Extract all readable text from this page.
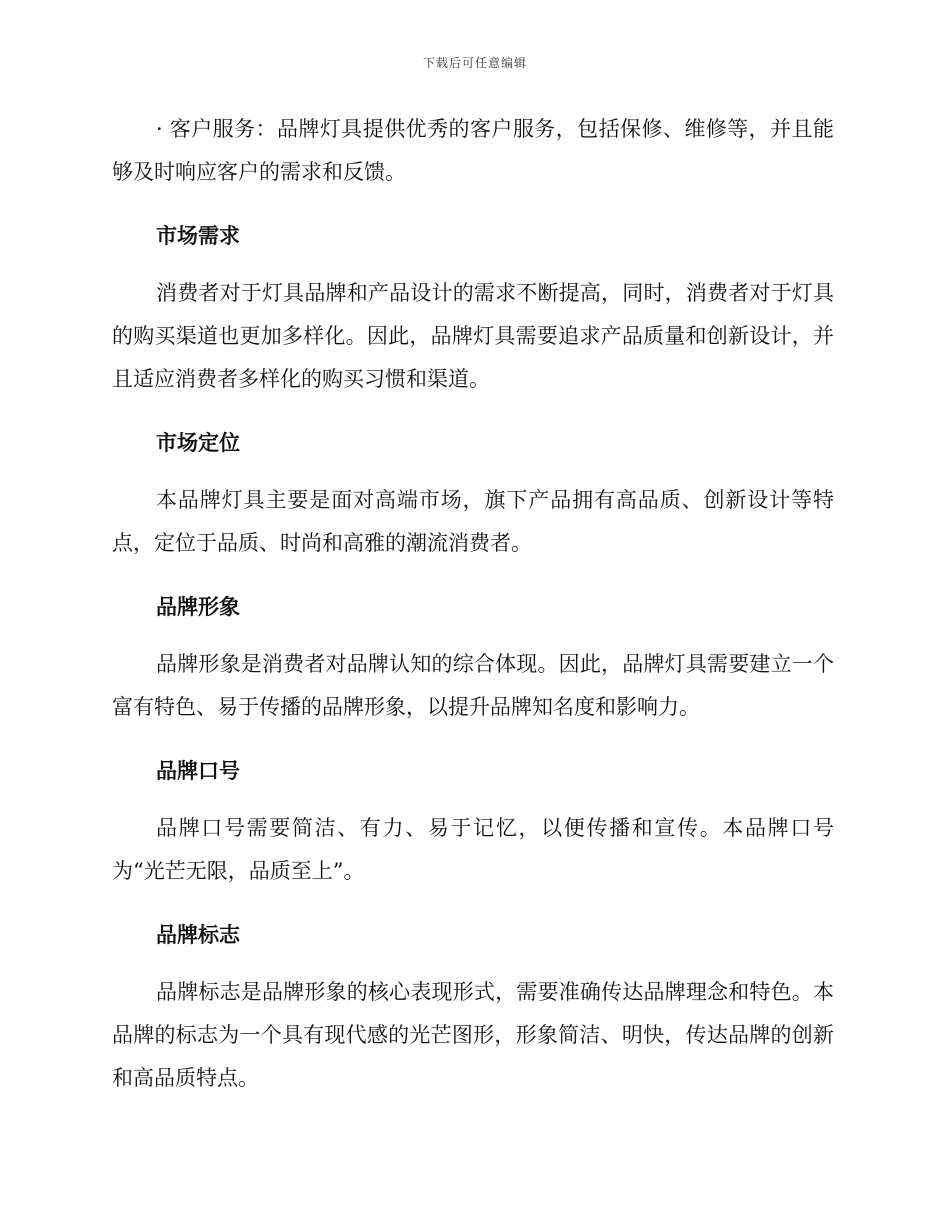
下载后可任意编辑

· 客户服务：品牌灯具提供优秀的客户服务，包括保修、维修等，并且能够及时响应客户的需求和反馈。

市场需求

消费者对于灯具品牌和产品设计的需求不断提高，同时，消费者对于灯具的购买渠道也更加多样化。因此，品牌灯具需要追求产品质量和创新设计，并且适应消费者多样化的购买习惯和渠道。

市场定位

本品牌灯具主要是面对高端市场，旗下产品拥有高品质、创新设计等特点，定位于品质、时尚和高雅的潮流消费者。

品牌形象

品牌形象是消费者对品牌认知的综合体现。因此，品牌灯具需要建立一个富有特色、易于传播的品牌形象，以提升品牌知名度和影响力。

品牌口号

品牌口号需要简洁、有力、易于记忆，以便传播和宣传。本品牌口号为“光芒无限，品质至上”。

品牌标志

品牌标志是品牌形象的核心表现形式，需要准确传达品牌理念和特色。本品牌的标志为一个具有现代感的光芒图形，形象简洁、明快，传达品牌的创新和高品质特点。
